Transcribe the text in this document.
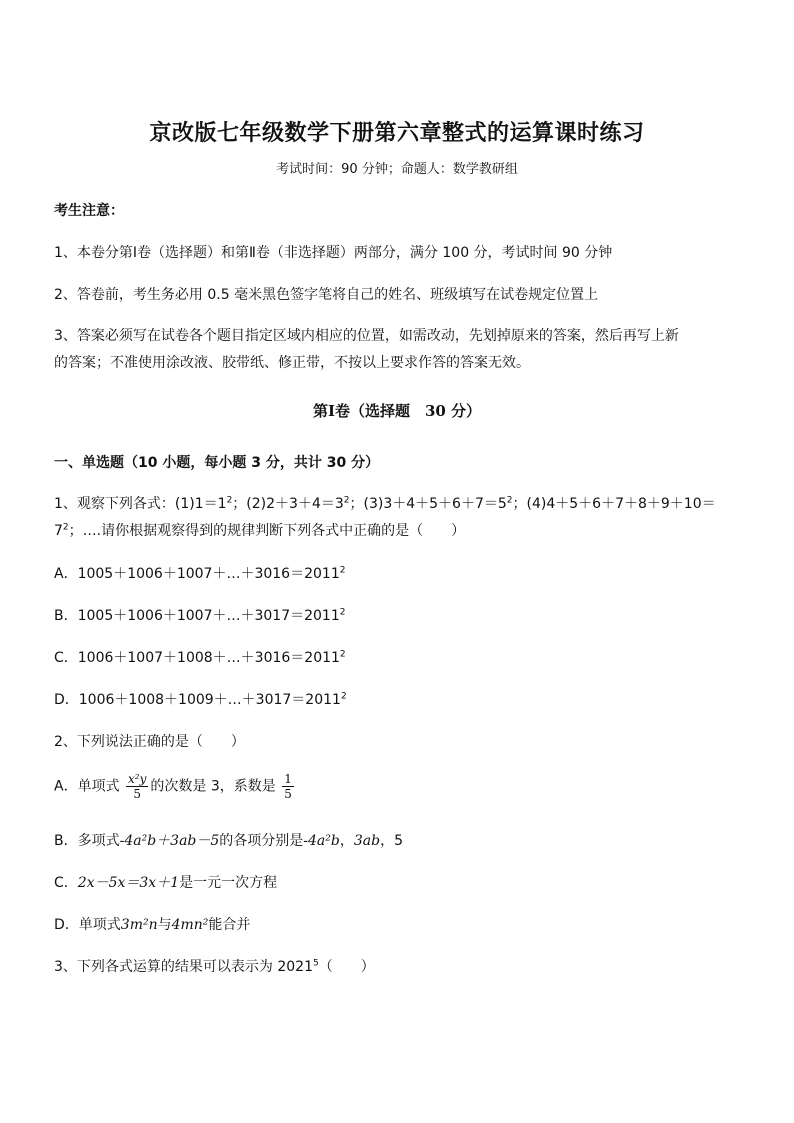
京改版七年级数学下册第六章整式的运算课时练习
考试时间：90 分钟；命题人：数学教研组
考生注意：
1、本卷分第Ⅰ卷（选择题）和第Ⅱ卷（非选择题）两部分，满分 100 分，考试时间 90 分钟
2、答卷前，考生务必用 0.5 毫米黑色签字笔将自己的姓名、班级填写在试卷规定位置上
3、答案必须写在试卷各个题目指定区域内相应的位置，如需改动，先划掉原来的答案，然后再写上新
的答案；不准使用涂改液、胶带纸、修正带，不按以上要求作答的答案无效。
第Ⅰ卷（选择题　30 分）
一、单选题（10 小题，每小题 3 分，共计 30 分）
1、观察下列各式：$(1)1=1^2$；$(2)2+3+4=3^2$；$(3)3+4+5+6+7=5^2$；(4)4＋5＋6＋7＋8＋9＋10＝
$7^2$；….请你根据观察得到的规律判断下列各式中正确的是（　　）
A．$1005+1006+1007+\dots+3016=2011^2$
B．$1005+1006+1007+\dots+3017=2011^2$
C．$1006+1007+1008+\dots+3016=2011^2$
D．$1006+1008+1009+\dots+3017=2011^2$
2、下列说法正确的是（　　）
A．单项式 $\frac{\text{x²y}}{5}$ 的次数是 3，系数是 $\frac{1}{5}$
B．多项式-4a²b＋3ab－5的各项分别是-4a²b，3ab，5
C．2x－5x＝3x＋1是一元一次方程
D．单项式3m²n与4mn²能合并
3、下列各式运算的结果可以表示为 2021$^5$（　　）
